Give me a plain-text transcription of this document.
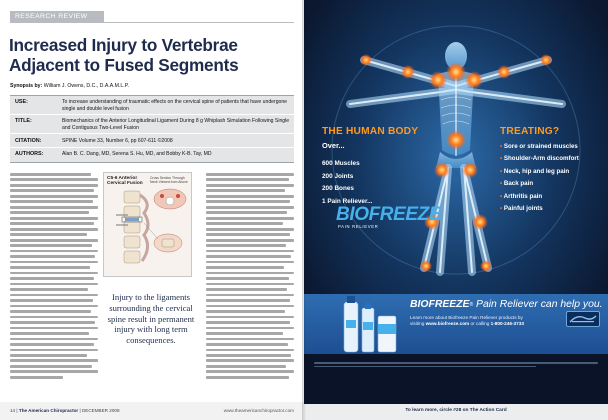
RESEARCH REVIEW
Increased Injury to Vertebrae
Adjacent to Fused Segments
Synopsis by: William J. Owens, D.C., D.A.A.M.L.P.
USE:	To increase understanding of traumatic effects on the cervical spine of patients that have undergone single and double level fusion
TITLE:	Biomechanics of the Anterior Longitudinal Ligament During 8 g Whiplash Simulation Following Single and Contiguous Two-Level Fusion
CITATION:	SPINE Volume 33, Number 6, pp 607-611 ©2008
AUTHORS:	Alan B. C. Dang, MD, Serena S. Hu, MD, and Bobby K-B. Tay, MD
C5-6 Anterior Cervical Fusion
Cross Section Through Neck Viewed from Above
Injury to the ligaments surrounding the cervical spine result in permanent injury with long term consequences.
14 | The American Chiropractor | DECEMBER 2008	www.theamericanchiropractor.com
THE HUMAN BODY
Over...
600 Muscles
200 Joints
200 Bones
1 Pain Reliever...
BIOFREEZE
PAIN RELIEVER
TREATING?
• Sore or strained muscles
• Shoulder-Arm discomfort
• Neck, hip and leg pain
• Back pain
• Arthritis pain
• Painful joints
BIOFREEZE® Pain Reliever can help you.
Learn more about Biofreeze Pain Reliever products by
visiting www.biofreeze.com or calling 1-800-246-3733
To learn more, circle #28 on The Action Card
